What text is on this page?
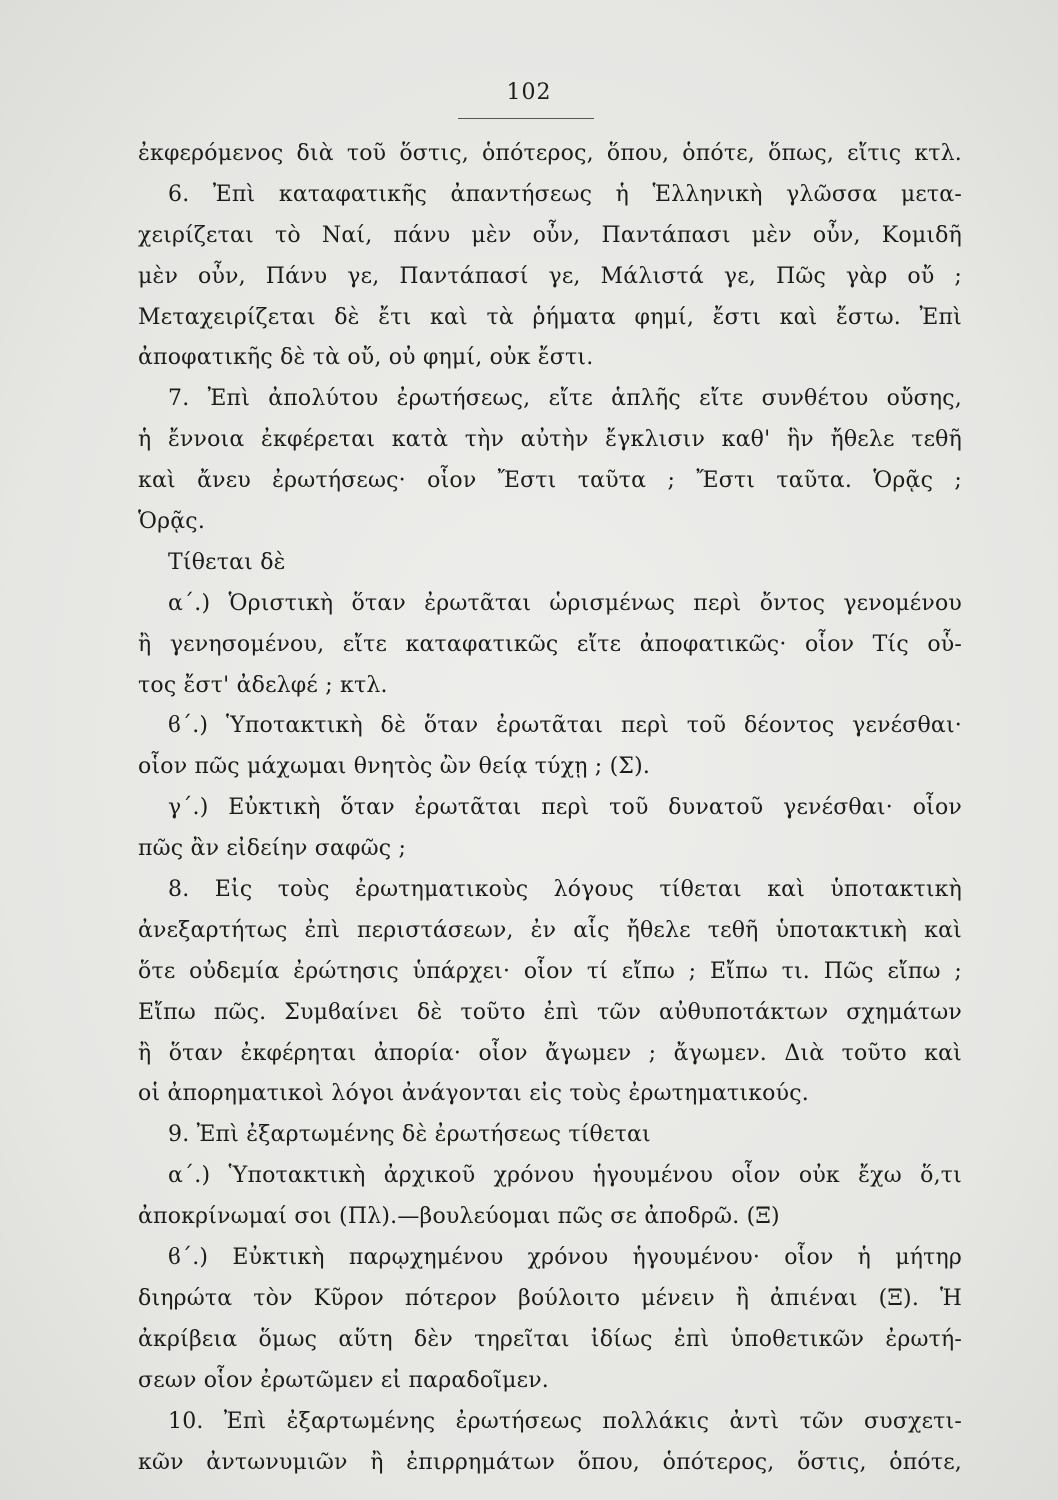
102
ἐκφερόμενος διὰ τοῦ ὅστις, ὁπότερος, ὅπου, ὁπότε, ὅπως, εἴτις κτλ.
6. Ἐπὶ καταφατικῆς ἀπαντήσεως ἡ Ἑλληνικὴ γλῶσσα μετα-
χειρίζεται τὸ Ναί, πάνυ μὲν οὖν, Παντάπασι μὲν οὖν, Κομιδῆ
μὲν οὖν, Πάνυ γε, Παντάπασί γε, Μάλιστά γε, Πῶς γὰρ οὔ ;
Μεταχειρίζεται δὲ ἔτι καὶ τὰ ῥήματα φημί, ἔστι καὶ ἔστω. Ἐπὶ
ἀποφατικῆς δὲ τὰ οὔ, οὐ φημί, οὐκ ἔστι.
7. Ἐπὶ ἀπολύτου ἐρωτήσεως, εἴτε ἁπλῆς εἴτε συνθέτου οὔσης,
ἡ ἔννοια ἐκφέρεται κατὰ τὴν αὐτὴν ἔγκλισιν καθ' ἣν ἤθελε τεθῆ
καὶ ἄνευ ἐρωτήσεως· οἷον Ἔστι ταῦτα ; Ἔστι ταῦτα. Ὁρᾷς ;
Ὁρᾷς.
Τίθεται δὲ
α΄.) Ὁριστικὴ ὅταν ἐρωτᾶται ὡρισμένως περὶ ὄντος γενομένου
ἢ γενησομένου, εἴτε καταφατικῶς εἴτε ἀποφατικῶς· οἷον Τίς οὗ-
τος ἔστ' ἀδελφέ ; κτλ.
ϐ΄.) Ὑποτακτικὴ δὲ ὅταν ἐρωτᾶται περὶ τοῦ δέοντος γενέσθαι·
οἷον πῶς μάχωμαι θνητὸς ὢν θείᾳ τύχῃ ; (Σ).
γ΄.) Εὐκτικὴ ὅταν ἐρωτᾶται περὶ τοῦ δυνατοῦ γενέσθαι· οἷον
πῶς ἂν εἰδείην σαφῶς ;
8. Εἰς τοὺς ἐρωτηματικοὺς λόγους τίθεται καὶ ὑποτακτικὴ
ἀνεξαρτήτως ἐπὶ περιστάσεων, ἐν αἷς ἤθελε τεθῆ ὑποτακτικὴ καὶ
ὅτε οὐδεμία ἐρώτησις ὑπάρχει· οἷον τί εἴπω ; Εἴπω τι. Πῶς εἴπω ;
Εἴπω πῶς. Συμϐαίνει δὲ τοῦτο ἐπὶ τῶν αὐθυποτάκτων σχημάτων
ἢ ὅταν ἐκφέρηται ἀπορία· οἷον ἄγωμεν ; ἄγωμεν. Διὰ τοῦτο καὶ
οἱ ἀπορηματικοὶ λόγοι ἀνάγονται εἰς τοὺς ἐρωτηματικούς.
9. Ἐπὶ ἐξαρτωμένης δὲ ἐρωτήσεως τίθεται
α΄.) Ὑποτακτικὴ ἀρχικοῦ χρόνου ἡγουμένου οἷον οὐκ ἔχω ὅ,τι
ἀποκρίνωμαί σοι (Πλ).—βουλεύομαι πῶς σε ἀποδρῶ. (Ξ)
ϐ΄.) Εὐκτικὴ παρῳχημένου χρόνου ἡγουμένου· οἷον ἡ μήτηρ
διηρώτα τὸν Κῦρον πότερον βούλοιτο μένειν ἢ ἀπιέναι (Ξ). Ἡ
ἀκρίβεια ὅμως αὕτη δὲν τηρεῖται ἰδίως ἐπὶ ὑποθετικῶν ἐρωτή-
σεων οἷον ἐρωτῶμεν εἰ παραδοῖμεν.
10. Ἐπὶ ἐξαρτωμένης ἐρωτήσεως πολλάκις ἀντὶ τῶν συσχετι-
κῶν ἀντωνυμιῶν ἢ ἐπιρρημάτων ὅπου, ὁπότερος, ὅστις, ὁπότε,
